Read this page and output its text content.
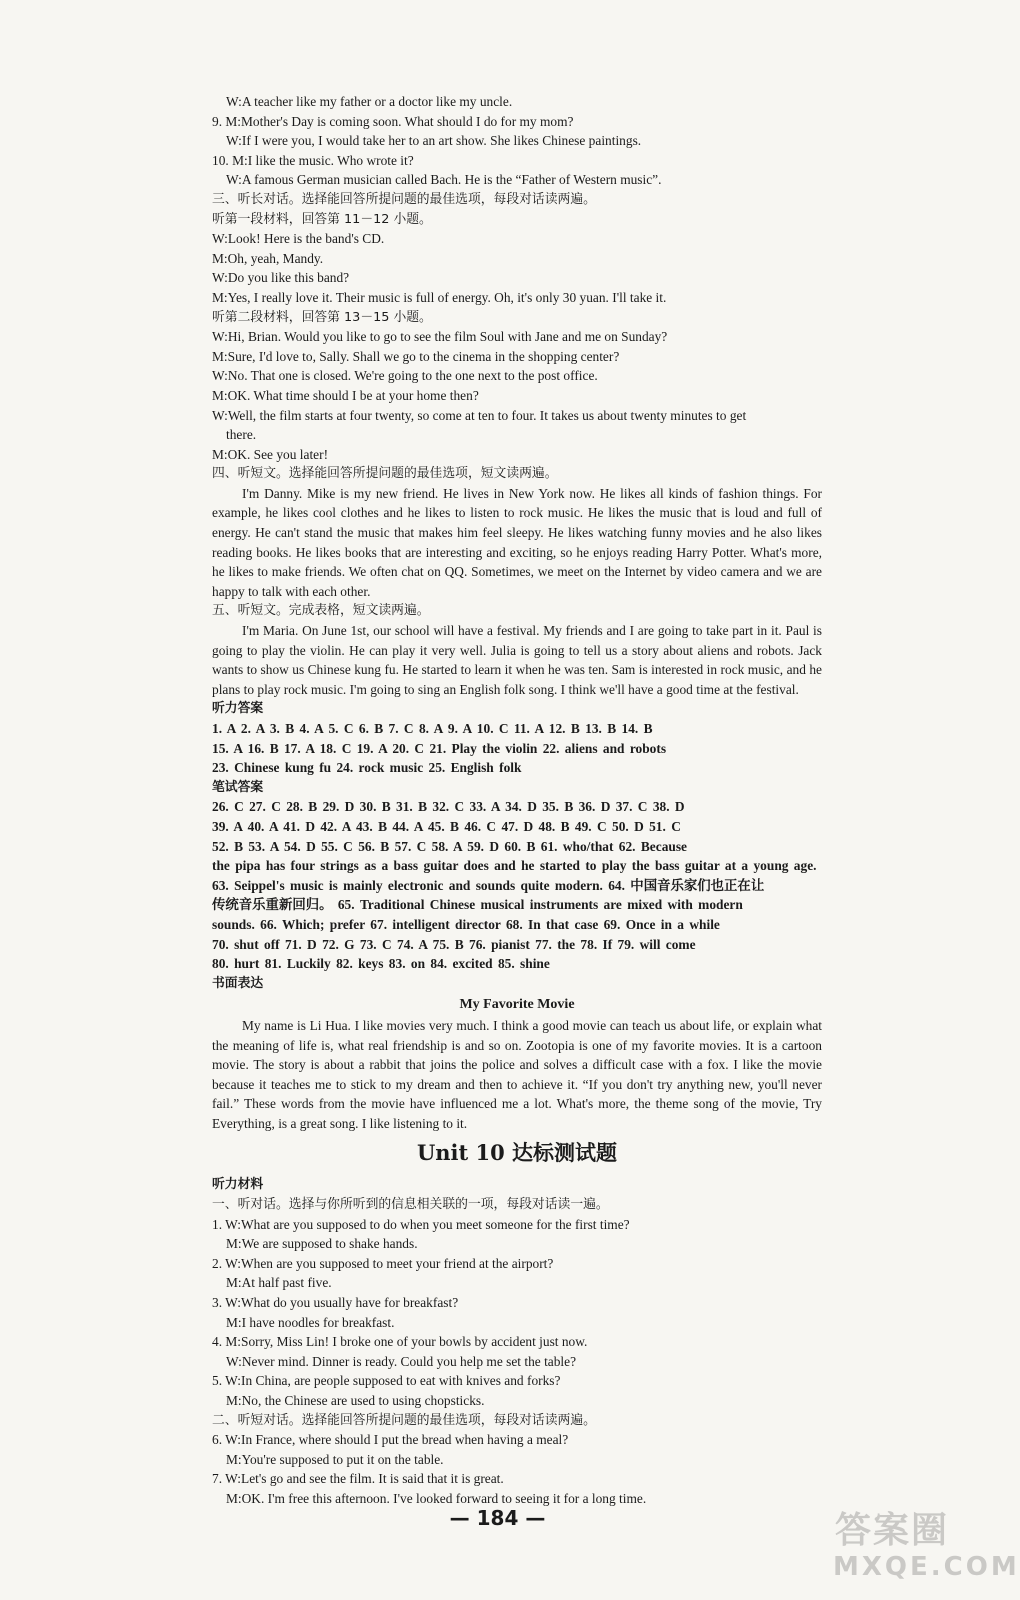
W:A teacher like my father or a doctor like my uncle.
9. M:Mother's Day is coming soon. What should I do for my mom?
W:If I were you, I would take her to an art show. She likes Chinese paintings.
10. M:I like the music. Who wrote it?
W:A famous German musician called Bach. He is the “Father of Western music”.
三、听长对话。选择能回答所提问题的最佳选项，每段对话读两遍。
听第一段材料，回答第 11－12 小题。
W:Look! Here is the band's CD.
M:Oh, yeah, Mandy.
W:Do you like this band?
M:Yes, I really love it. Their music is full of energy. Oh, it's only 30 yuan. I'll take it.
听第二段材料，回答第 13－15 小题。
W:Hi, Brian. Would you like to go to see the film Soul with Jane and me on Sunday?
M:Sure, I'd love to, Sally. Shall we go to the cinema in the shopping center?
W:No. That one is closed. We're going to the one next to the post office.
M:OK. What time should I be at your home then?
W:Well, the film starts at four twenty, so come at ten to four. It takes us about twenty minutes to get
there.
M:OK. See you later!
四、听短文。选择能回答所提问题的最佳选项，短文读两遍。
I'm Danny. Mike is my new friend. He lives in New York now. He likes all kinds of fashion things. For example, he likes cool clothes and he likes to listen to rock music. He likes the music that is loud and full of energy. He can't stand the music that makes him feel sleepy. He likes watching funny movies and he also likes reading books. He likes books that are interesting and exciting, so he enjoys reading Harry Potter. What's more, he likes to make friends. We often chat on QQ. Sometimes, we meet on the Internet by video camera and we are happy to talk with each other.
五、听短文。完成表格，短文读两遍。
I'm Maria. On June 1st, our school will have a festival. My friends and I are going to take part in it. Paul is going to play the violin. He can play it very well. Julia is going to tell us a story about aliens and robots. Jack wants to show us Chinese kung fu. He started to learn it when he was ten. Sam is interested in rock music, and he plans to play rock music. I'm going to sing an English folk song. I think we'll have a good time at the festival.
听力答案
1. A 2. A 3. B 4. A 5. C 6. B 7. C 8. A 9. A 10. C 11. A 12. B 13. B 14. B
15. A 16. B 17. A 18. C 19. A 20. C 21. Play the violin 22. aliens and robots
23. Chinese kung fu 24. rock music 25. English folk
笔试答案
26. C 27. C 28. B 29. D 30. B 31. B 32. C 33. A 34. D 35. B 36. D 37. C 38. D
39. A 40. A 41. D 42. A 43. B 44. A 45. B 46. C 47. D 48. B 49. C 50. D 51. C
52. B 53. A 54. D 55. C 56. B 57. C 58. A 59. D 60. B 61. who/that 62. Because
the pipa has four strings as a bass guitar does and he started to play the bass guitar at a young age.
63. Seippel's music is mainly electronic and sounds quite modern. 64. 中国音乐家们也正在让
传统音乐重新回归。 65. Traditional Chinese musical instruments are mixed with modern
sounds. 66. Which; prefer 67. intelligent director 68. In that case 69. Once in a while
70. shut off 71. D 72. G 73. C 74. A 75. B 76. pianist 77. the 78. If 79. will come
80. hurt 81. Luckily 82. keys 83. on 84. excited 85. shine
书面表达
My Favorite Movie
My name is Li Hua. I like movies very much. I think a good movie can teach us about life, or explain what the meaning of life is, what real friendship is and so on. Zootopia is one of my favorite movies. It is a cartoon movie. The story is about a rabbit that joins the police and solves a difficult case with a fox. I like the movie because it teaches me to stick to my dream and then to achieve it. “If you don't try anything new, you'll never fail.” These words from the movie have influenced me a lot. What's more, the theme song of the movie, Try Everything, is a great song. I like listening to it.
Unit 10 达标测试题
听力材料
一、听对话。选择与你所听到的信息相关联的一项，每段对话读一遍。
1. W:What are you supposed to do when you meet someone for the first time?
M:We are supposed to shake hands.
2. W:When are you supposed to meet your friend at the airport?
M:At half past five.
3. W:What do you usually have for breakfast?
M:I have noodles for breakfast.
4. M:Sorry, Miss Lin! I broke one of your bowls by accident just now.
W:Never mind. Dinner is ready. Could you help me set the table?
5. W:In China, are people supposed to eat with knives and forks?
M:No, the Chinese are used to using chopsticks.
二、听短对话。选择能回答所提问题的最佳选项，每段对话读两遍。
6. W:In France, where should I put the bread when having a meal?
M:You're supposed to put it on the table.
7. W:Let's go and see the film. It is said that it is great.
M:OK. I'm free this afternoon. I've looked forward to seeing it for a long time.
— 184 —	答案圈
MXQE.COM
